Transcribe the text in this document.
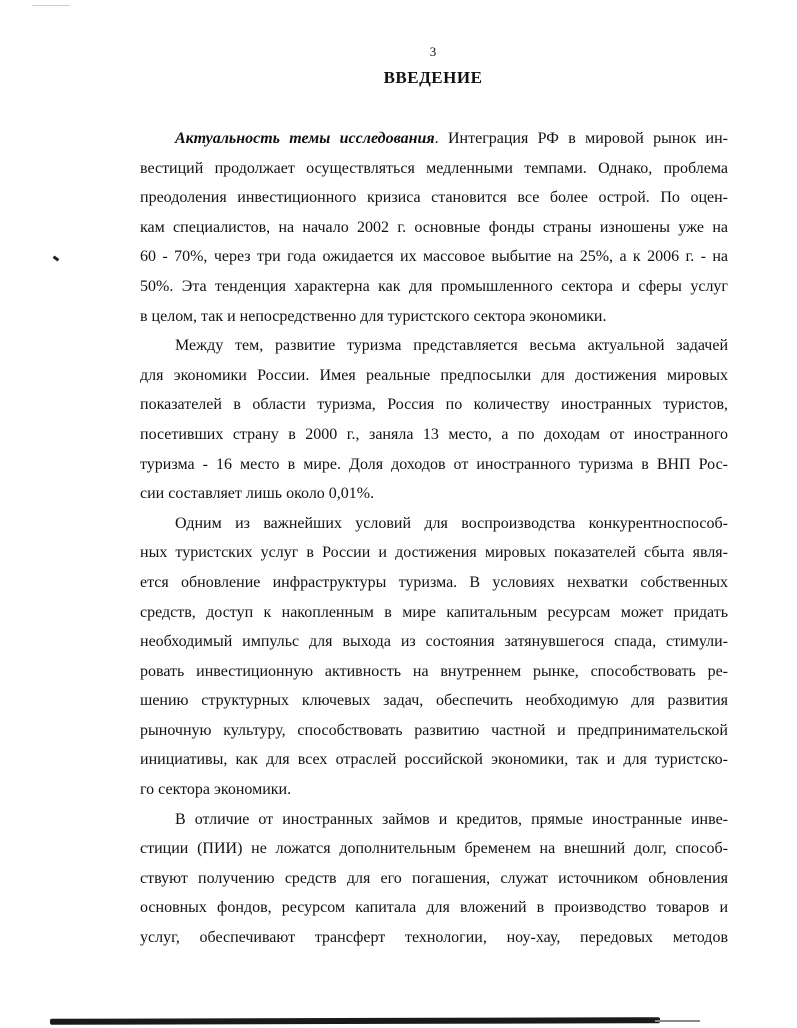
3
ВВЕДЕНИЕ
Актуальность темы исследования. Интеграция РФ в мировой рынок ин-
вестиций продолжает осуществляться медленными темпами. Однако, проблема
преодоления инвестиционного кризиса становится все более острой. По оцен-
кам специалистов, на начало 2002 г. основные фонды страны изношены уже на
60 - 70%, через три года ожидается их массовое выбытие на 25%, а к 2006 г. - на
50%. Эта тенденция характерна как для промышленного сектора и сферы услуг
в целом, так и непосредственно для туристского сектора экономики.
Между тем, развитие туризма представляется весьма актуальной задачей
для экономики России. Имея реальные предпосылки для достижения мировых
показателей в области туризма, Россия по количеству иностранных туристов,
посетивших страну в 2000 г., заняла 13 место, а по доходам от иностранного
туризма - 16 место в мире. Доля доходов от иностранного туризма в ВНП Рос-
сии составляет лишь около 0,01%.
Одним из важнейших условий для воспроизводства конкурентноспособ-
ных туристских услуг в России и достижения мировых показателей сбыта явля-
ется обновление инфраструктуры туризма. В условиях нехватки собственных
средств, доступ к накопленным в мире капитальным ресурсам может придать
необходимый импульс для выхода из состояния затянувшегося спада, стимули-
ровать инвестиционную активность на внутреннем рынке, способствовать ре-
шению структурных ключевых задач, обеспечить необходимую для развития
рыночную культуру, способствовать развитию частной и предпринимательской
инициативы, как для всех отраслей российской экономики, так и для туристско-
го сектора экономики.
В отличие от иностранных займов и кредитов, прямые иностранные инве-
стиции (ПИИ) не ложатся дополнительным бременем на внешний долг, способ-
ствуют получению средств для его погашения, служат источником обновления
основных фондов, ресурсом капитала для вложений в производство товаров и
услуг, обеспечивают трансферт технологии, ноу-хау, передовых методов
